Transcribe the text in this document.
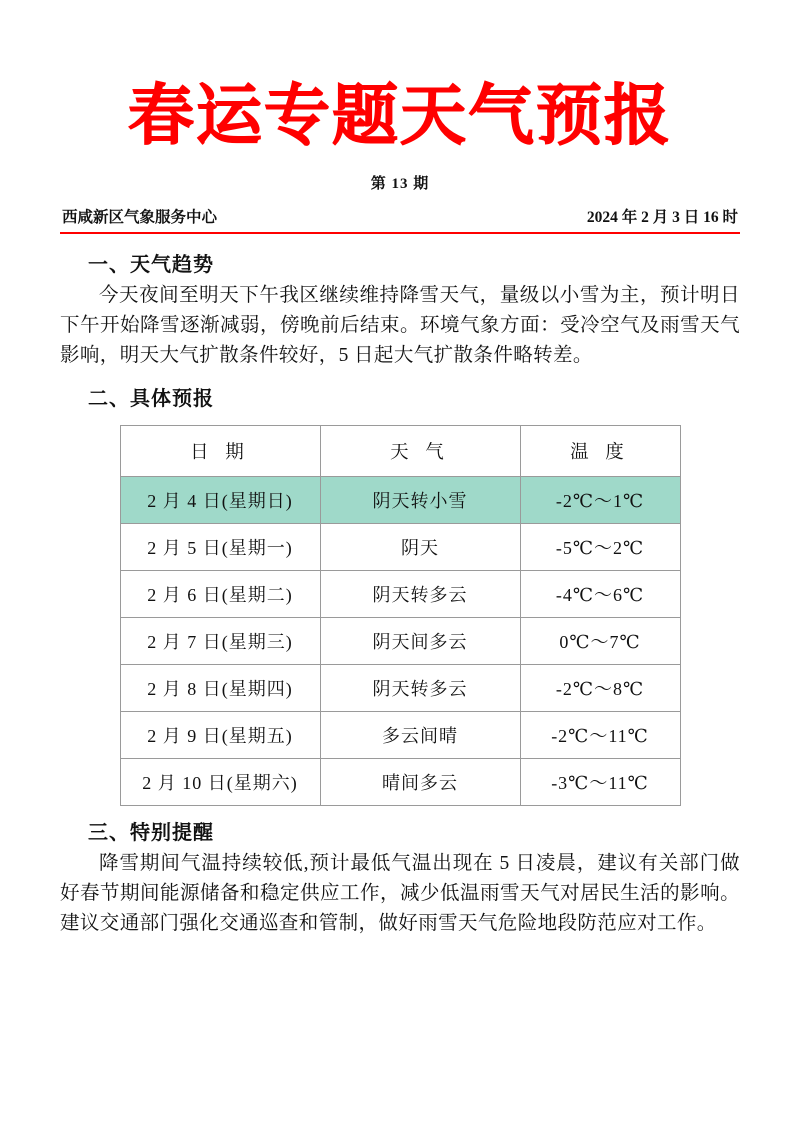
春运专题天气预报
第 13 期
西咸新区气象服务中心	2024 年 2 月 3 日 16 时
一、天气趋势

今天夜间至明天下午我区继续维持降雪天气，量级以小雪为主，预计明日下午开始降雪逐渐减弱，傍晚前后结束。环境气象方面：受冷空气及雨雪天气影响，明天大气扩散条件较好，5 日起大气扩散条件略转差。

二、具体预报
日 期	天 气	温 度
2 月 4 日(星期日)	阴天转小雪	-2℃～1℃
2 月 5 日(星期一)	阴天	-5℃～2℃
2 月 6 日(星期二)	阴天转多云	-4℃～6℃
2 月 7 日(星期三)	阴天间多云	0℃～7℃
2 月 8 日(星期四)	阴天转多云	-2℃～8℃
2 月 9 日(星期五)	多云间晴	-2℃～11℃
2 月 10 日(星期六)	晴间多云	-3℃～11℃
三、特别提醒

降雪期间气温持续较低,预计最低气温出现在 5 日凌晨，建议有关部门做好春节期间能源储备和稳定供应工作，减少低温雨雪天气对居民生活的影响。建议交通部门强化交通巡查和管制，做好雨雪天气危险地段防范应对工作。
